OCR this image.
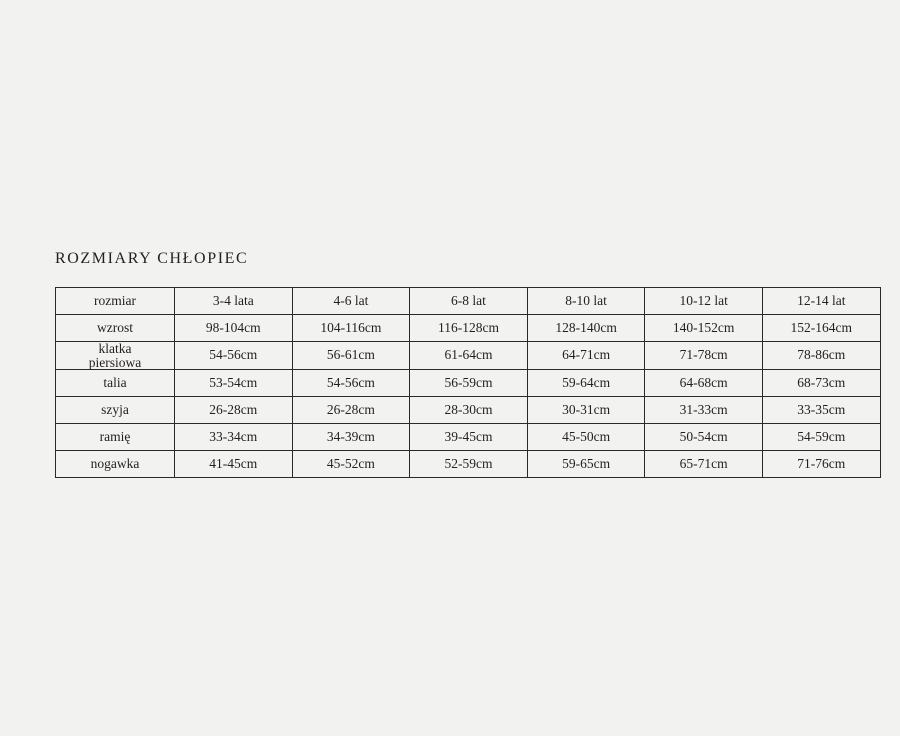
ROZMIARY CHŁOPIEC
rozmiar	3-4 lata	4-6 lat	6-8 lat	8-10 lat	10-12 lat	12-14 lat
wzrost	98-104cm	104-116cm	116-128cm	128-140cm	140-152cm	152-164cm

klatka
piersiowa	54-56cm	56-61cm	61-64cm	64-71cm	71-78cm	78-86cm
talia	53-54cm	54-56cm	56-59cm	59-64cm	64-68cm	68-73cm
szyja	26-28cm	26-28cm	28-30cm	30-31cm	31-33cm	33-35cm
ramię	33-34cm	34-39cm	39-45cm	45-50cm	50-54cm	54-59cm
nogawka	41-45cm	45-52cm	52-59cm	59-65cm	65-71cm	71-76cm
